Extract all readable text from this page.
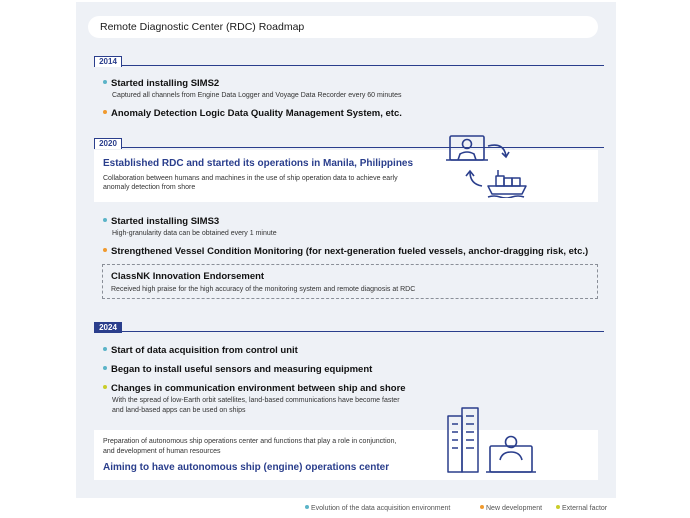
Remote Diagnostic Center (RDC) Roadmap
2014
Started installing SIMS2
Captured all channels from Engine Data Logger and Voyage Data Recorder every 60 minutes
Anomaly Detection Logic Data Quality Management System, etc.
2020
Established RDC and started its operations in Manila, Philippines
Collaboration between humans and machines in the use of ship operation data to achieve early
anomaly detection from shore
Started installing SIMS3
High-granularity data can be obtained every 1 minute
Strengthened Vessel Condition Monitoring (for next-generation fueled vessels, anchor-dragging risk, etc.)
ClassNK Innovation Endorsement
Received high praise for the high accuracy of the monitoring system and remote diagnosis at RDC
2024
Start of data acquisition from control unit
Began to install useful sensors and measuring equipment
Changes in communication environment between ship and shore
With the spread of low-Earth orbit satellites, land-based communications have become faster
and land-based apps can be used on ships
Preparation of autonomous ship operations center and functions that play a role in conjunction,
and development of human resources
Aiming to have autonomous ship (engine) operations center
Evolution of the data acquisition environment	New development	External factor
